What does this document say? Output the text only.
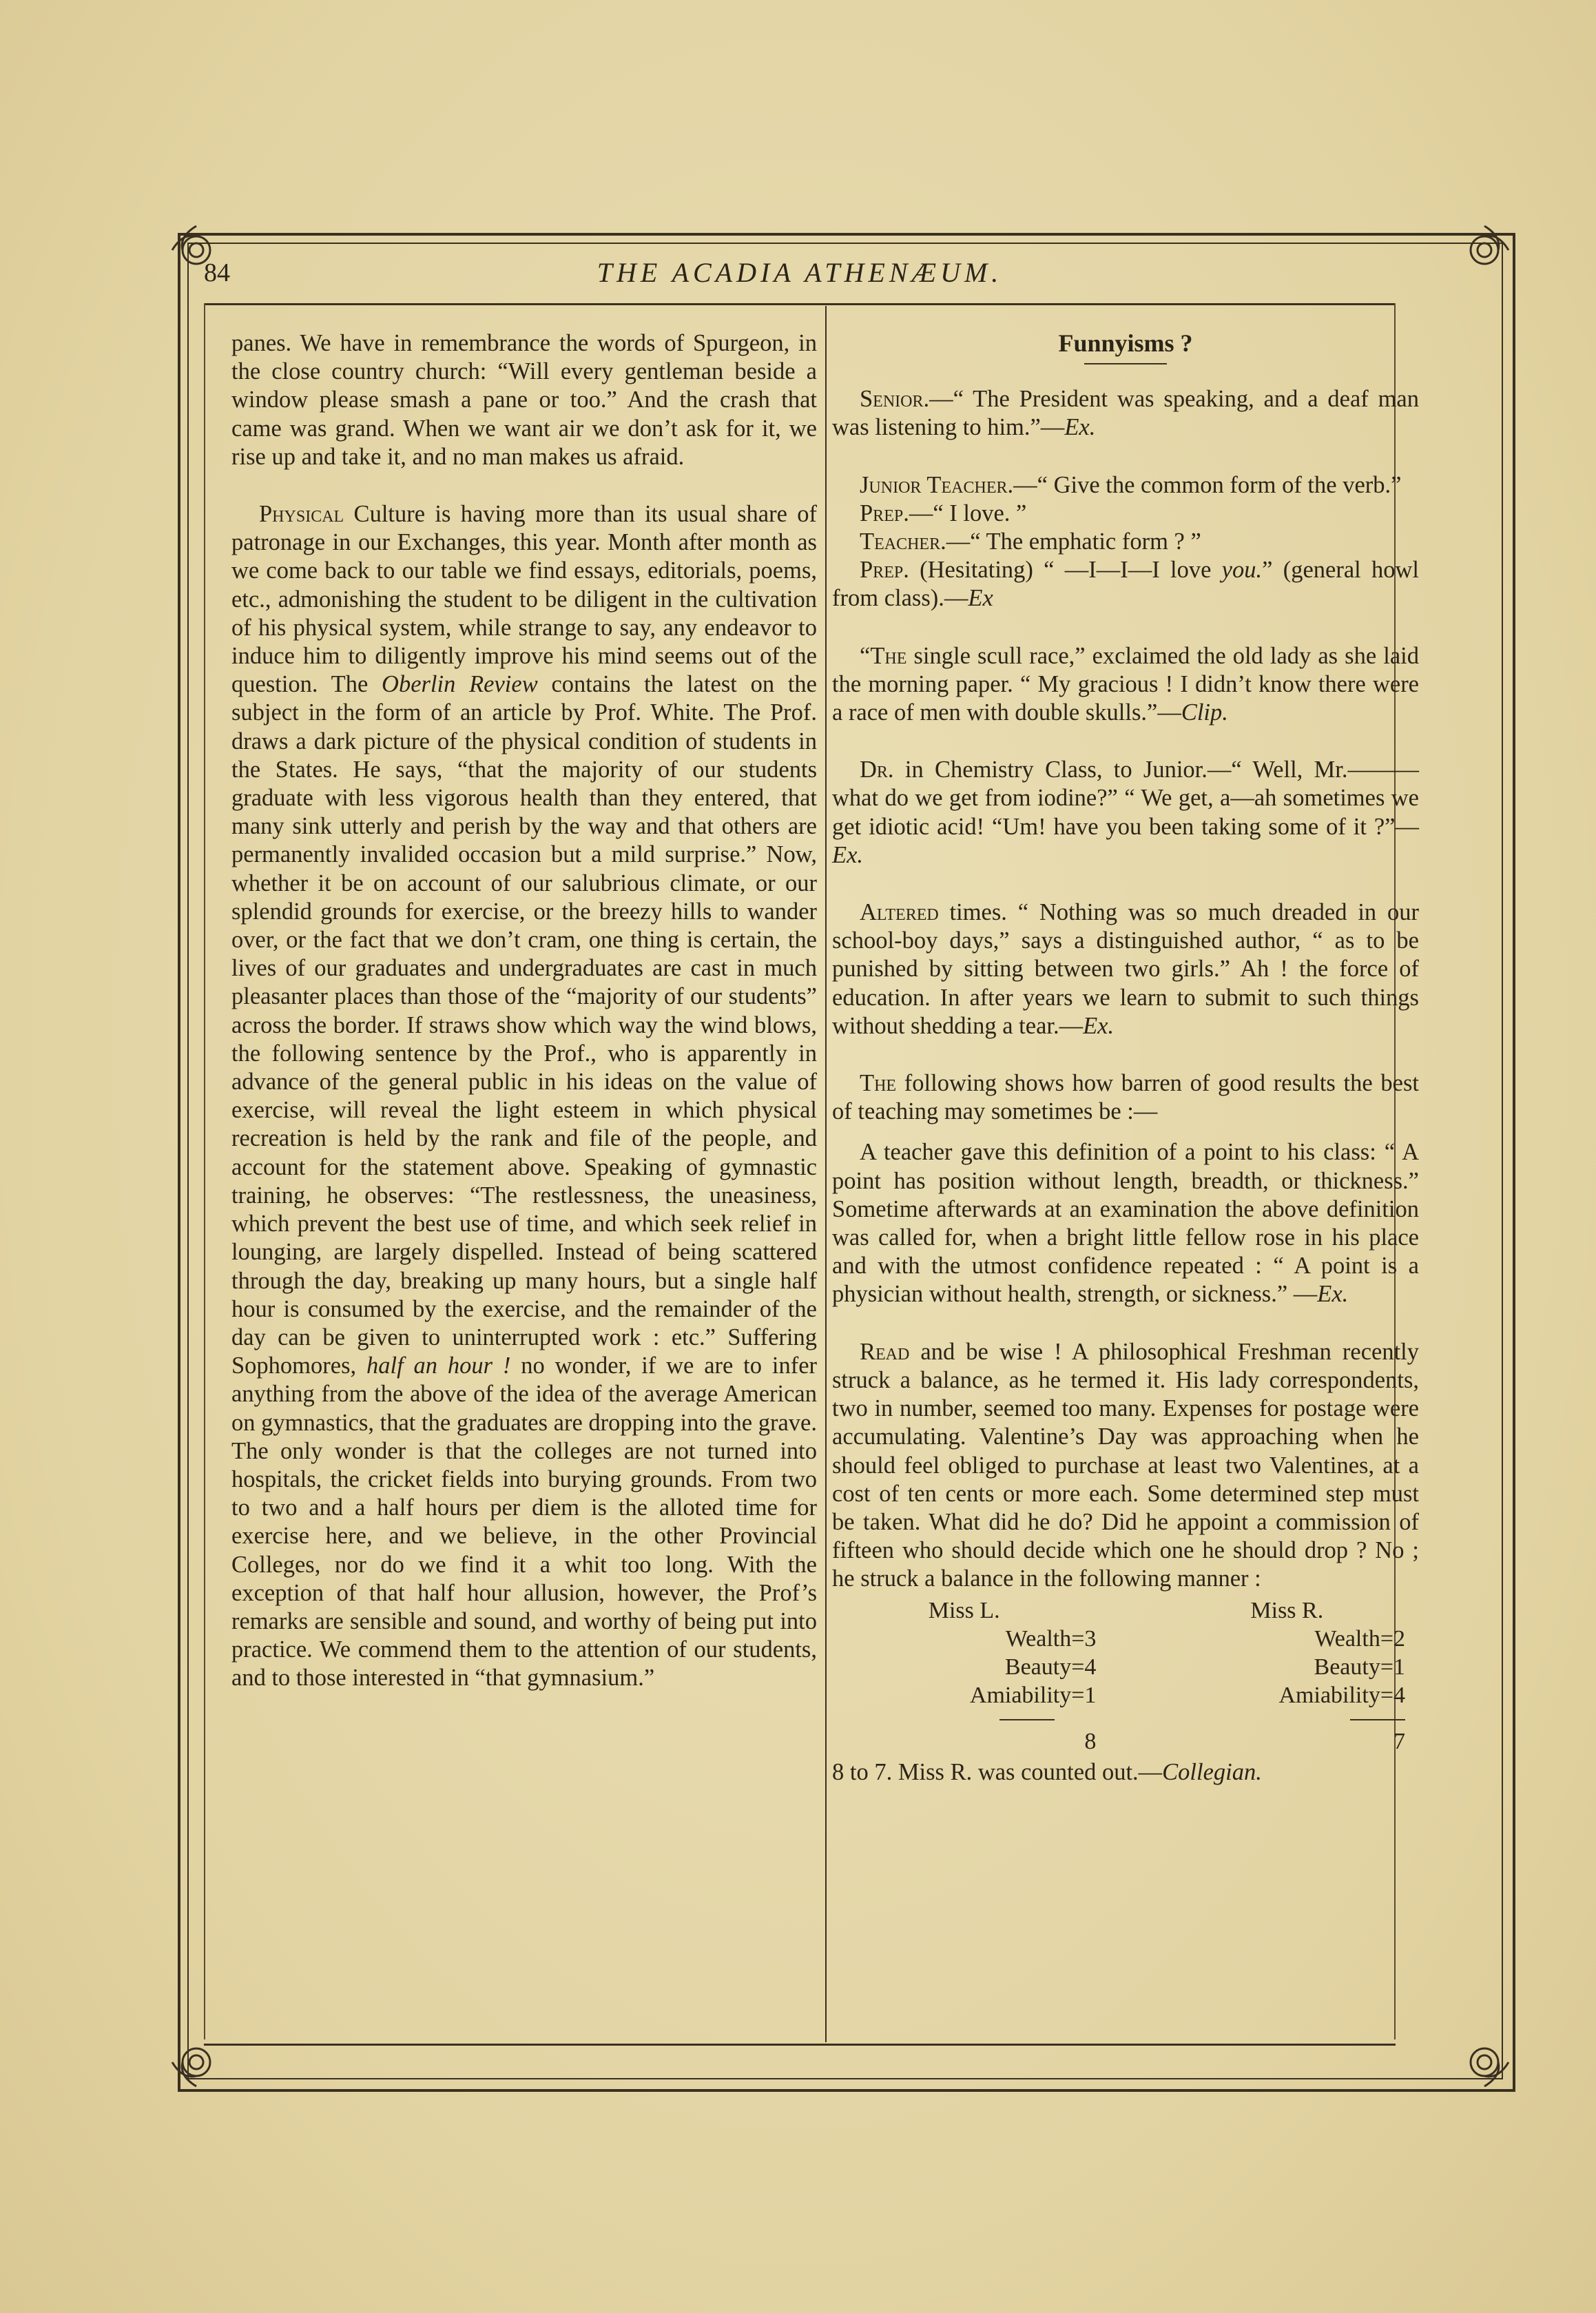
84	THE ACADIA ATHENÆUM.

panes. We have in remembrance the words of Spurgeon, in the close country church: “Will every gentleman beside a window please smash a pane or too.” And the crash that came was grand. When we want air we don’t ask for it, we rise up and take it, and no man makes us afraid.

Physical Culture is having more than its usual share of patronage in our Exchanges, this year. Month after month as we come back to our table we find essays, editorials, poems, etc., admonishing the student to be diligent in the cultivation of his physical system, while strange to say, any endeavor to induce him to diligently improve his mind seems out of the question. The Oberlin Review contains the latest on the subject in the form of an article by Prof. White. The Prof. draws a dark picture of the physical condition of students in the States. He says, “that the majority of our students graduate with less vigorous health than they entered, that many sink utterly and perish by the way and that others are permanently invalided occasion but a mild surprise.” Now, whether it be on account of our salubrious climate, or our splendid grounds for exercise, or the breezy hills to wander over, or the fact that we don’t cram, one thing is certain, the lives of our graduates and undergraduates are cast in much pleasanter places than those of the “majority of our students” across the border. If straws show which way the wind blows, the following sentence by the Prof., who is apparently in advance of the general public in his ideas on the value of exercise, will reveal the light esteem in which physical recreation is held by the rank and file of the people, and account for the statement above. Speaking of gymnastic training, he observes: “The restlessness, the uneasiness, which prevent the best use of time, and which seek relief in lounging, are largely dispelled. Instead of being scattered through the day, breaking up many hours, but a single half hour is consumed by the exercise, and the remainder of the day can be given to uninterrupted work : etc.” Suffering Sophomores, half an hour ! no wonder, if we are to infer anything from the above of the idea of the average American on gymnastics, that the graduates are dropping into the grave. The only wonder is that the colleges are not turned into hospitals, the cricket fields into burying grounds. From two to two and a half hours per diem is the alloted time for exercise here, and we believe, in the other Provincial Colleges, nor do we find it a whit too long. With the exception of that half hour allusion, however, the Prof’s remarks are sensible and sound, and worthy of being put into practice. We commend them to the attention of our students, and to those interested in “that gymnasium.”

Funnyisms ?

Senior.—“ The President was speaking, and a deaf man was listening to him.”—Ex.

Junior Teacher.—“ Give the common form of the verb.”

Prep.—“ I love. ”

Teacher.—“ The emphatic form ? ”

Prep. (Hesitating) “ —I—I—I love you.” (general howl from class).—Ex

“The single scull race,” exclaimed the old lady as she laid the morning paper. “ My gracious ! I didn’t know there were a race of men with double skulls.”—Clip.

Dr. in Chemistry Class, to Junior.—“ Well, Mr.——— what do we get from iodine?” “ We get, a—ah sometimes we get idiotic acid! “Um! have you been taking some of it ?”—Ex.

Altered times. “ Nothing was so much dreaded in our school-boy days,” says a distinguished author, “ as to be punished by sitting between two girls.” Ah ! the force of education. In after years we learn to submit to such things without shedding a tear.—Ex.

The following shows how barren of good results the best of teaching may sometimes be :—

A teacher gave this definition of a point to his class: “ A point has position without length, breadth, or thickness.” Sometime afterwards at an examination the above definition was called for, when a bright little fellow rose in his place and with the utmost confidence repeated : “ A point is a physician without health, strength, or sickness.” —Ex.

Read and be wise ! A philosophical Freshman recently struck a balance, as he termed it. His lady correspondents, two in number, seemed too many. Expenses for postage were accumulating. Valentine’s Day was approaching when he should feel obliged to purchase at least two Valentines, at a cost of ten cents or more each. Some determined step must be taken. What did he do? Did he appoint a commission of fifteen who should decide which one he should drop ? No ; he struck a balance in the following manner :

Miss L.	Miss R.
Wealth=3	Wealth=2
Beauty=4	Beauty=1
Amiability=1	Amiability=4
8	7

8 to 7. Miss R. was counted out.—Collegian.
